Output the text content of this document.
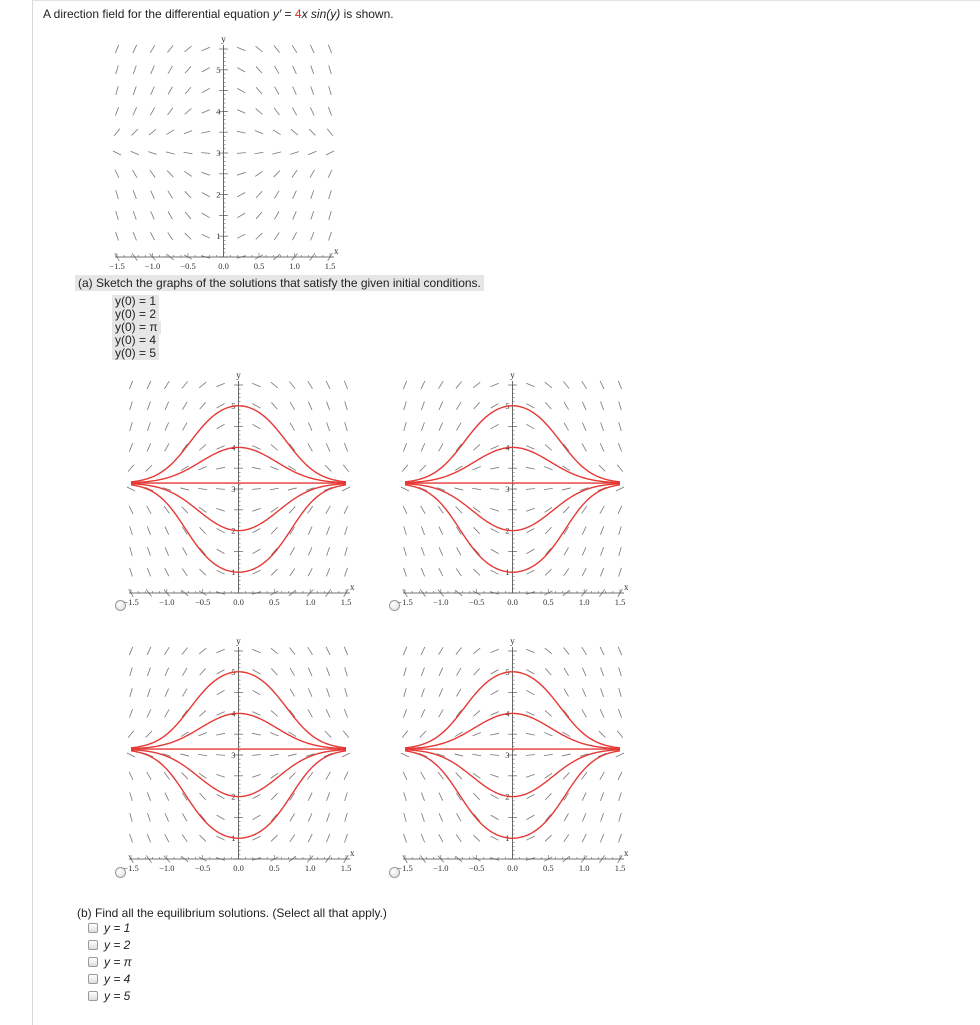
A direction field for the differential equation y′ = 4x sin(y) is shown.
−1.5 −1.0 −0.5	0.0	0.5	1.0	1.5
1
2
3
4
5
x
y
(a) Sketch the graphs of the solutions that satisfy the given initial conditions.
y(0) = 1
y(0) = 2
y(0) = π
y(0) = 4
y(0) = 5
−1.5 −1.0 −0.5	0.0	0.5	1.0	1.5
1
2
3
4
5
x
y
−1.5 −1.0 −0.5	0.0	0.5	1.0	1.5
1
2
3
4
5
x
y
−1.5 −1.0 −0.5	0.0	0.5	1.0	1.5
1
2
3
4
5
x
y
−1.5 −1.0 −0.5	0.0	0.5	1.0	1.5
1
2
3
4
5
x
y
(b) Find all the equilibrium solutions. (Select all that apply.)
y = 1
y = 2
y = π
y = 4
y = 5
